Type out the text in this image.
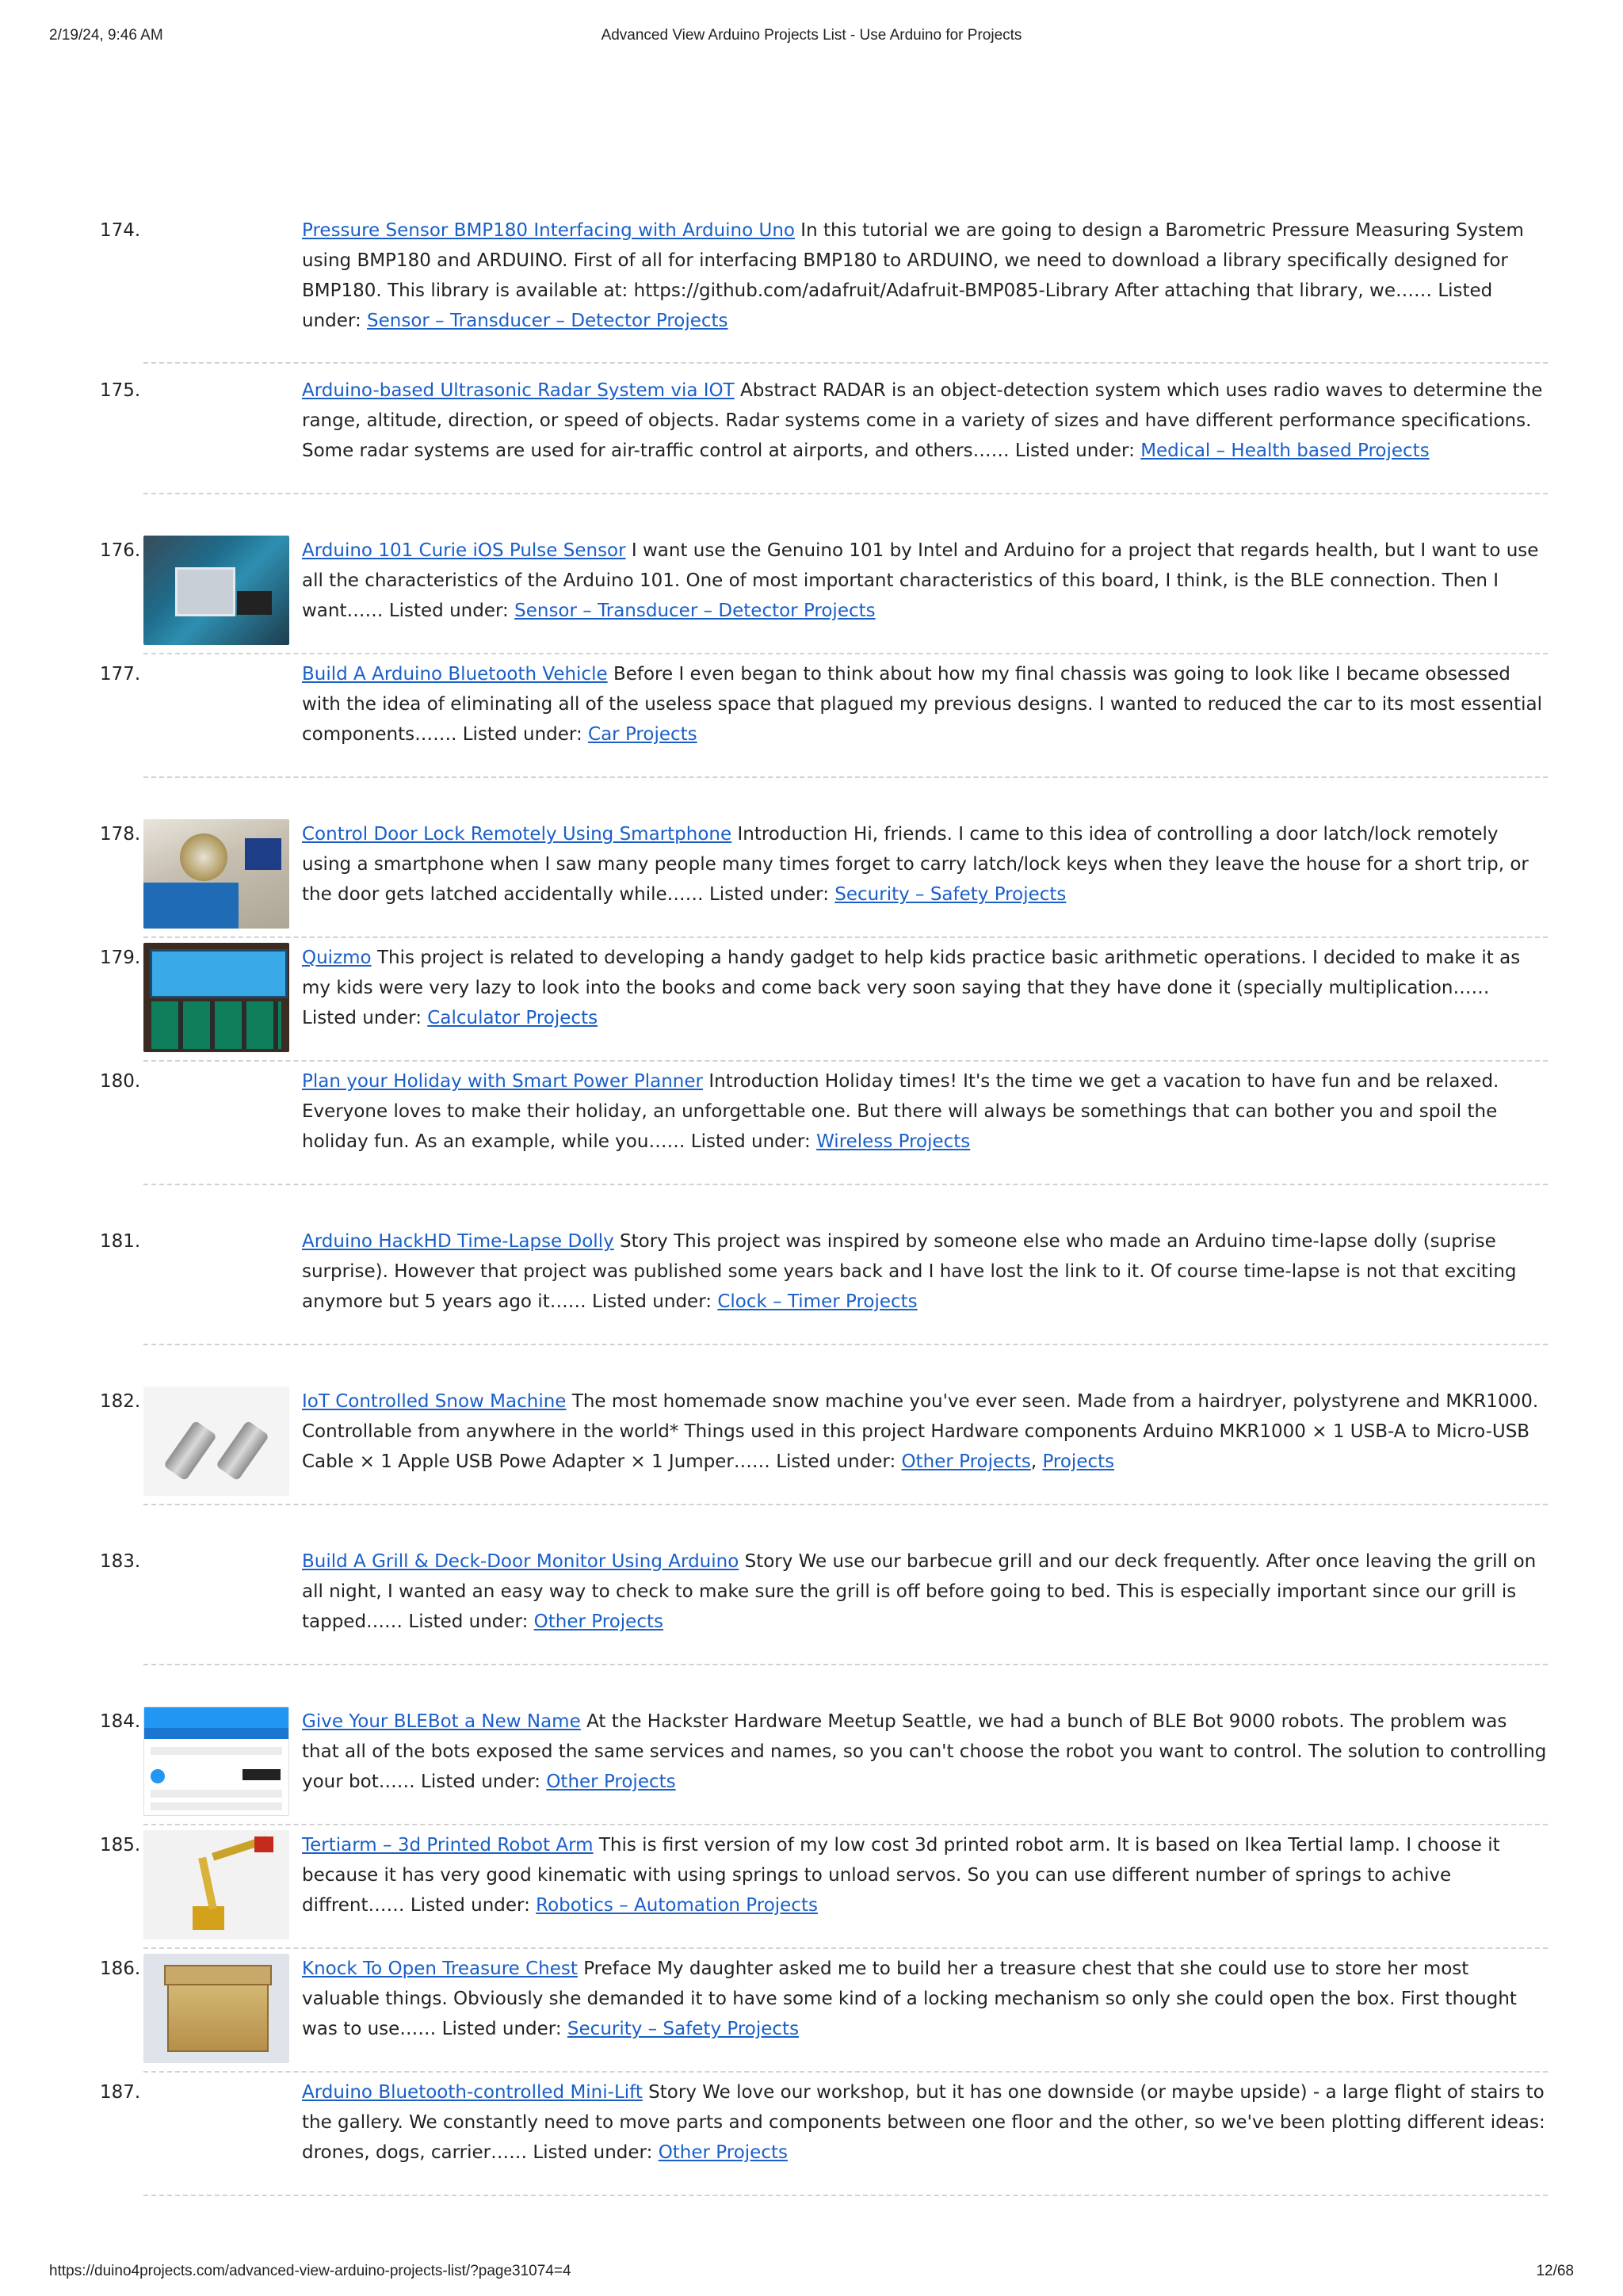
2/19/24, 9:46 AM	Advanced View Arduino Projects List - Use Arduino for Projects
174.	Pressure Sensor BMP180 Interfacing with Arduino Uno In this tutorial we are going to design a Barometric Pressure Measuring System using BMP180 and ARDUINO. First of all for interfacing BMP180 to ARDUINO, we need to download a library specifically designed for BMP180. This library is available at: https://github.com/adafruit/Adafruit-BMP085-Library After attaching that library, we…… Listed under: Sensor – Transducer – Detector Projects
175.	Arduino-based Ultrasonic Radar System via IOT Abstract RADAR is an object-detection system which uses radio waves to determine the range, altitude, direction, or speed of objects. Radar systems come in a variety of sizes and have different performance specifications. Some radar systems are used for air-traffic control at airports, and others…… Listed under: Medical – Health based Projects
176.	Arduino 101 Curie iOS Pulse Sensor I want use the Genuino 101 by Intel and Arduino for a project that regards health, but I want to use all the characteristics of the Arduino 101. One of most important characteristics of this board, I think, is the BLE connection. Then I want…… Listed under: Sensor – Transducer – Detector Projects
177.	Build A Arduino Bluetooth Vehicle Before I even began to think about how my final chassis was going to look like I became obsessed with the idea of eliminating all of the useless space that plagued my previous designs. I wanted to reduced the car to its most essential components……. Listed under: Car Projects
178.	Control Door Lock Remotely Using Smartphone Introduction Hi, friends. I came to this idea of controlling a door latch/lock remotely using a smartphone when I saw many people many times forget to carry latch/lock keys when they leave the house for a short trip, or the door gets latched accidentally while…… Listed under: Security – Safety Projects
179.	Quizmo This project is related to developing a handy gadget to help kids practice basic arithmetic operations. I decided to make it as my kids were very lazy to look into the books and come back very soon saying that they have done it (specially multiplication…… Listed under: Calculator Projects
180.	Plan your Holiday with Smart Power Planner Introduction Holiday times! It's the time we get a vacation to have fun and be relaxed. Everyone loves to make their holiday, an unforgettable one. But there will always be somethings that can bother you and spoil the holiday fun. As an example, while you…… Listed under: Wireless Projects
181.	Arduino HackHD Time-Lapse Dolly Story This project was inspired by someone else who made an Arduino time-lapse dolly (suprise surprise). However that project was published some years back and I have lost the link to it. Of course time-lapse is not that exciting anymore but 5 years ago it…… Listed under: Clock – Timer Projects
182.	IoT Controlled Snow Machine The most homemade snow machine you've ever seen. Made from a hairdryer, polystyrene and MKR1000. Controllable from anywhere in the world* Things used in this project Hardware components Arduino MKR1000 × 1 USB-A to Micro-USB Cable × 1 Apple USB Powe Adapter × 1 Jumper…… Listed under: Other Projects, Projects
183.	Build A Grill & Deck-Door Monitor Using Arduino Story We use our barbecue grill and our deck frequently. After once leaving the grill on all night, I wanted an easy way to check to make sure the grill is off before going to bed. This is especially important since our grill is tapped…… Listed under: Other Projects
184.	Give Your BLEBot a New Name At the Hackster Hardware Meetup Seattle, we had a bunch of BLE Bot 9000 robots. The problem was that all of the bots exposed the same services and names, so you can't choose the robot you want to control. The solution to controlling your bot…… Listed under: Other Projects
185.	Tertiarm – 3d Printed Robot Arm This is first version of my low cost 3d printed robot arm. It is based on Ikea Tertial lamp. I choose it because it has very good kinematic with using springs to unload servos. So you can use different number of springs to achive diffrent…… Listed under: Robotics – Automation Projects
186.	Knock To Open Treasure Chest Preface My daughter asked me to build her a treasure chest that she could use to store her most valuable things. Obviously she demanded it to have some kind of a locking mechanism so only she could open the box. First thought was to use…… Listed under: Security – Safety Projects
187.	Arduino Bluetooth-controlled Mini-Lift Story We love our workshop, but it has one downside (or maybe upside) - a large flight of stairs to the gallery. We constantly need to move parts and components between one floor and the other, so we've been plotting different ideas: drones, dogs, carrier…… Listed under: Other Projects
https://duino4projects.com/advanced-view-arduino-projects-list/?page31074=4	12/68
